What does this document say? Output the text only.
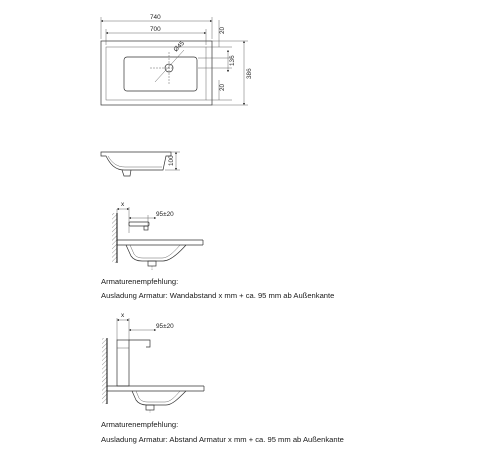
Ø45
740
700	20
136
20
386
100
x
95±20
x
95±20
Armaturenempfehlung:
Ausladung Armatur: Wandabstand x mm + ca. 95 mm ab Außenkante
Armaturenempfehlung:
Ausladung Armatur: Abstand Armatur x mm + ca. 95 mm ab Außenkante
